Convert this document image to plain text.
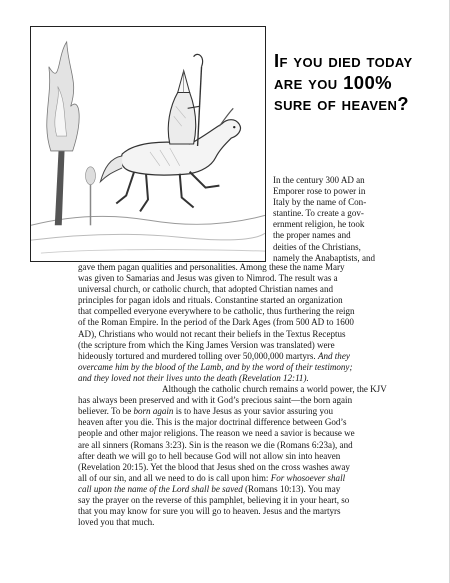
If you died today are you 100% sure of heaven?
In the century 300 AD an
Emporer rose to power in
Italy by the name of Con-
stantine. To create a gov-
ernment religion, he took
the proper names and
deities of the Christians,
namely the Anabaptists, and
gave them pagan qualities and personalities. Among these the name Mary
was given to Samarias and Jesus was given to Nimrod. The result was a
universal church, or catholic church, that adopted Christian names and
principles for pagan idols and rituals. Constantine started an organization
that compelled everyone everywhere to be catholic, thus furthering the reign
of the Roman Empire. In the period of the Dark Ages (from 500 AD to 1600
AD), Christians who would not recant their beliefs in the Textus Receptus
(the scripture from which the King James Version was translated) were
hideously tortured and murdered tolling over 50,000,000 martyrs. And they
overcame him by the blood of the Lamb, and by the word of their testimony;
and they loved not their lives unto the death (Revelation 12:11).
Although the catholic church remains a world power, the KJV
has always been preserved and with it God’s precious saint—the born again
believer. To be born again is to have Jesus as your savior assuring you
heaven after you die. This is the major doctrinal difference between God’s
people and other major religions. The reason we need a savior is because we
are all sinners (Romans 3:23). Sin is the reason we die (Romans 6:23a), and
after death we will go to hell because God will not allow sin into heaven
(Revelation 20:15). Yet the blood that Jesus shed on the cross washes away
all of our sin, and all we need to do is call upon him: For whosoever shall
call upon the name of the Lord shall be saved (Romans 10:13). You may
say the prayer on the reverse of this pamphlet, believing it in your heart, so
that you may know for sure you will go to heaven. Jesus and the martyrs
loved you that much.
